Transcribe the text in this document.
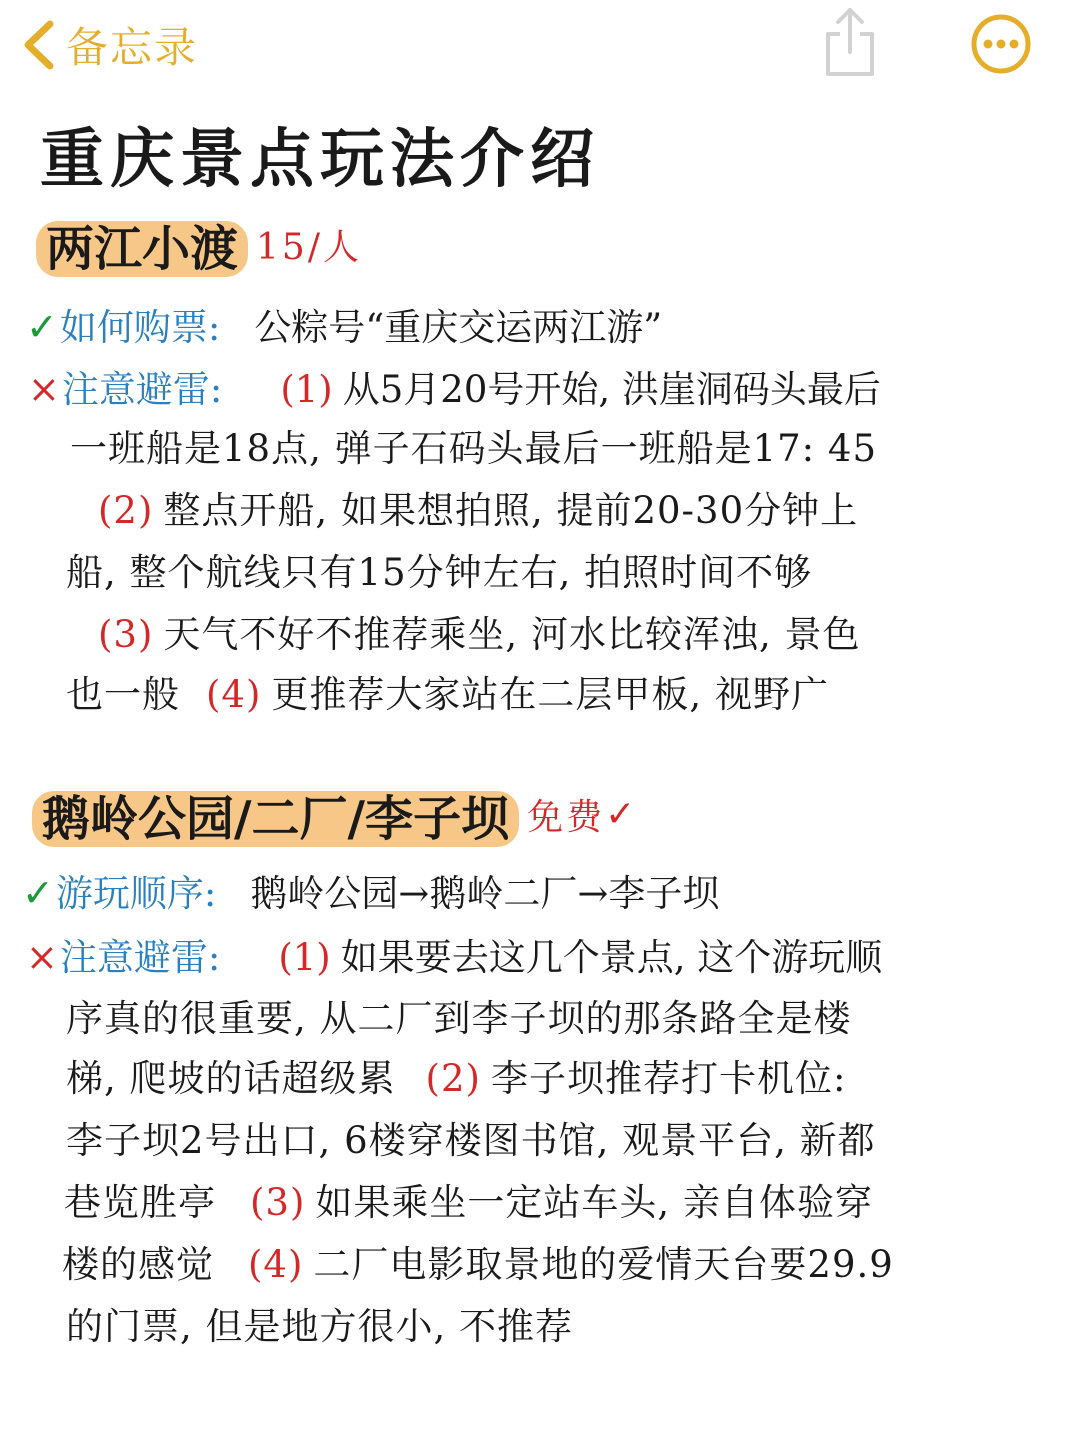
备忘录
重庆景点玩法介绍
两江小渡 15/人
✓如何购票: 公粽号“重庆交运两江游”
×注意避雷: (1) 从5月20号开始, 洪崖洞码头最后
一班船是18点, 弹子石码头最后一班船是17: 45
(2) 整点开船, 如果想拍照, 提前20-30分钟上
船, 整个航线只有15分钟左右, 拍照时间不够
(3) 天气不好不推荐乘坐, 河水比较浑浊, 景色
也一般 (4) 更推荐大家站在二层甲板, 视野广
鹅岭公园/二厂/李子坝 免费 ✓
✓游玩顺序: 鹅岭公园→鹅岭二厂→李子坝
×注意避雷: (1) 如果要去这几个景点, 这个游玩顺
序真的很重要, 从二厂到李子坝的那条路全是楼
梯, 爬坡的话超级累 (2) 李子坝推荐打卡机位:
李子坝2号出口, 6楼穿楼图书馆, 观景平台, 新都
巷览胜亭 (3) 如果乘坐一定站车头, 亲自体验穿
楼的感觉 (4) 二厂电影取景地的爱情天台要29.9
的门票, 但是地方很小, 不推荐
